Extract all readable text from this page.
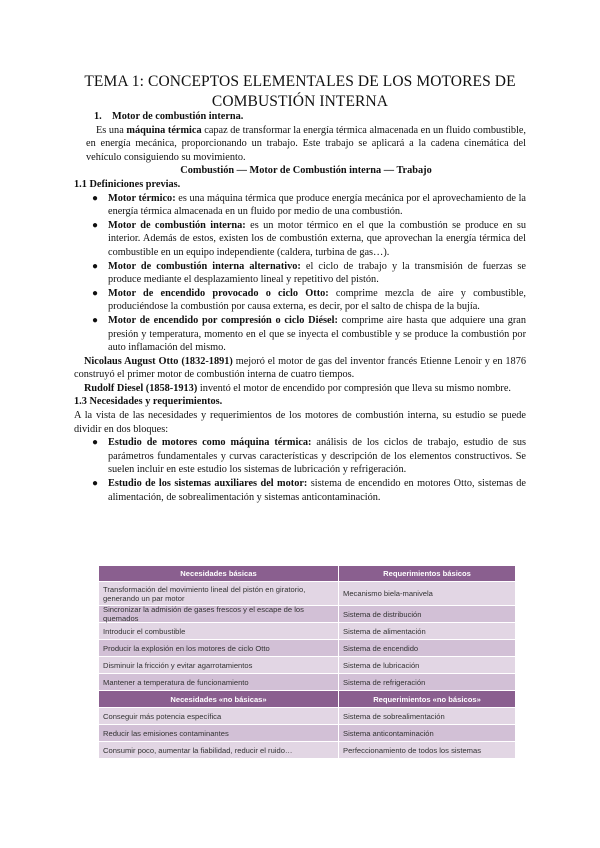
TEMA 1: CONCEPTOS ELEMENTALES DE LOS MOTORES DE COMBUSTIÓN INTERNA

1. Motor de combustión interna.

Es una máquina térmica capaz de transformar la energía térmica almacenada en un fluido combustible, en energía mecánica, proporcionando un trabajo. Este trabajo se aplicará a la cadena cinemática del vehículo consiguiendo su movimiento.

Combustión — Motor de Combustión interna — Trabajo

1.1 Definiciones previas.

● Motor térmico: es una máquina térmica que produce energía mecánica por el aprovechamiento de la energía térmica almacenada en un fluido por medio de una combustión.
● Motor de combustión interna: es un motor térmico en el que la combustión se produce en su interior. Además de estos, existen los de combustión externa, que aprovechan la energía térmica del combustible en un equipo independiente (caldera, turbina de gas…).
● Motor de combustión interna alternativo: el ciclo de trabajo y la transmisión de fuerzas se produce mediante el desplazamiento lineal y repetitivo del pistón.
● Motor de encendido provocado o ciclo Otto: comprime mezcla de aire y combustible, produciéndose la combustión por causa externa, es decir, por el salto de chispa de la bujía.
● Motor de encendido por compresión o ciclo Diésel: comprime aire hasta que adquiere una gran presión y temperatura, momento en el que se inyecta el combustible y se produce la combustión por auto inflamación del mismo.

Nicolaus August Otto (1832-1891) mejoró el motor de gas del inventor francés Etienne Lenoir y en 1876 construyó el primer motor de combustión interna de cuatro tiempos.

Rudolf Diesel (1858-1913) inventó el motor de encendido por compresión que lleva su mismo nombre.

1.3 Necesidades y requerimientos.

A la vista de las necesidades y requerimientos de los motores de combustión interna, su estudio se puede dividir en dos bloques:

● Estudio de motores como máquina térmica: análisis de los ciclos de trabajo, estudio de sus parámetros fundamentales y curvas características y descripción de los elementos constructivos. Se suelen incluir en este estudio los sistemas de lubricación y refrigeración.
● Estudio de los sistemas auxiliares del motor: sistema de encendido en motores Otto, sistemas de alimentación, de sobrealimentación y sistemas anticontaminación.
Necesidades básicas	Requerimientos básicos
Transformación del movimiento lineal del pistón en giratorio, generando un par motor	Mecanismo biela-manivela
Sincronizar la admisión de gases frescos y el escape de los quemados	Sistema de distribución
Introducir el combustible	Sistema de alimentación
Producir la explosión en los motores de ciclo Otto	Sistema de encendido
Disminuir la fricción y evitar agarrotamientos	Sistema de lubricación
Mantener a temperatura de funcionamiento	Sistema de refrigeración
Necesidades «no básicas»	Requerimientos «no básicos»
Conseguir más potencia específica	Sistema de sobrealimentación
Reducir las emisiones contaminantes	Sistema anticontaminación
Consumir poco, aumentar la fiabilidad, reducir el ruido…	Perfeccionamiento de todos los sistemas
